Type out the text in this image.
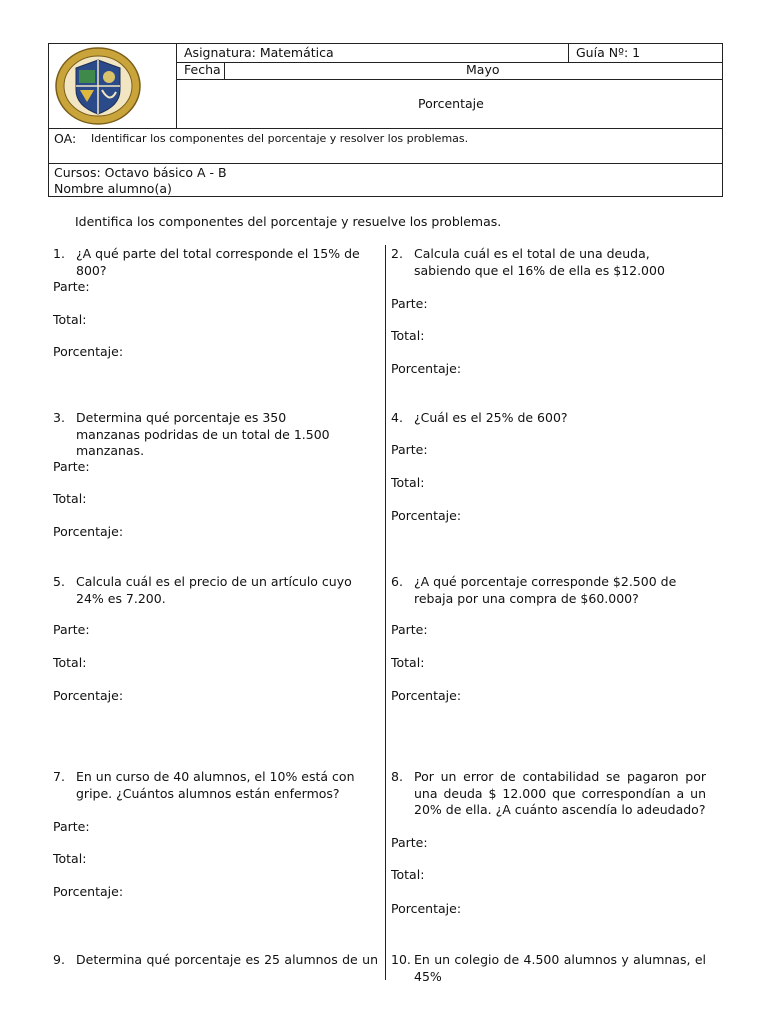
Asignatura: Matemática	Guía Nº: 1
Fecha	Mayo
Porcentaje
OA: Identificar los componentes del porcentaje y resolver los problemas.
Cursos: Octavo básico A - B
Nombre alumno(a)
Identifica los componentes del porcentaje y resuelve los problemas.
1. ¿A qué parte del total corresponde el 15% de 800?
Parte:
Total:
Porcentaje:
2. Calcula cuál es el total de una deuda, sabiendo que el 16% de ella es $12.000
Parte:
Total:
Porcentaje:
3. Determina qué porcentaje es 350 manzanas podridas de un total de 1.500 manzanas.
Parte:
Total:
Porcentaje:
4. ¿Cuál es el 25% de 600?
Parte:
Total:
Porcentaje:
5. Calcula cuál es el precio de un artículo cuyo 24% es 7.200.
Parte:
Total:
Porcentaje:
6. ¿A qué porcentaje corresponde $2.500 de rebaja por una compra de $60.000?
Parte:
Total:
Porcentaje:
7. En un curso de 40 alumnos, el 10% está con gripe. ¿Cuántos alumnos están enfermos?
Parte:
Total:
Porcentaje:
8. Por un error de contabilidad se pagaron por una deuda $ 12.000 que correspondían a un 20% de ella. ¿A cuánto ascendía lo adeudado?
Parte:
Total:
Porcentaje:
9. Determina qué porcentaje es 25 alumnos de un 10. En un colegio de 4.500 alumnos y alumnas, el 45%
